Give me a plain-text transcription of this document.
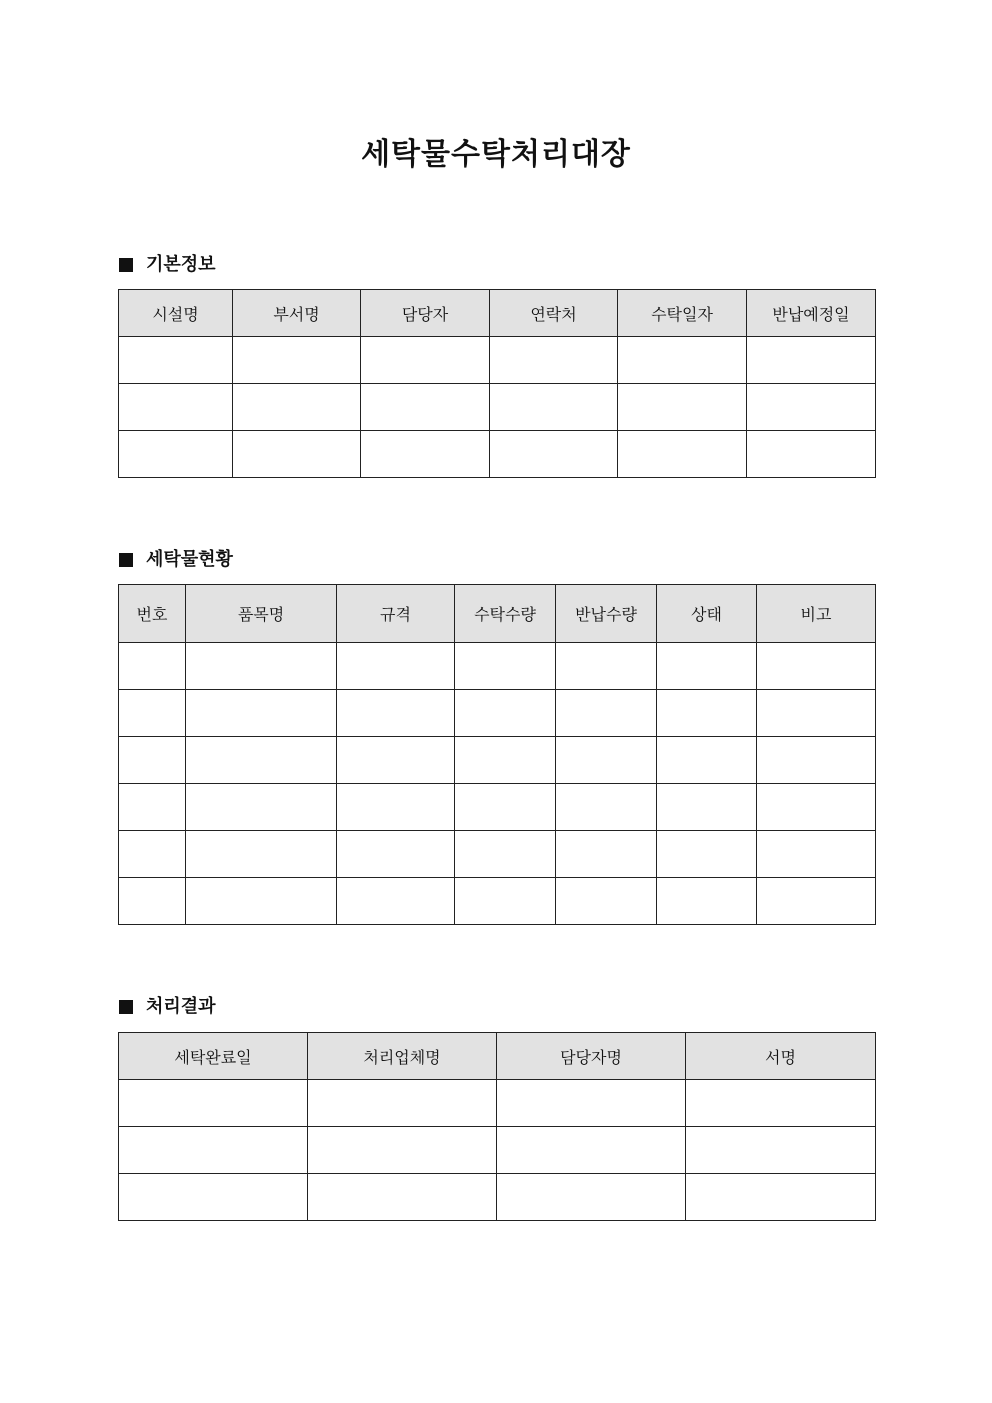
세탁물수탁처리대장
기본정보
시설명	부서명	담당자	연락처	수탁일자	반납예정일

세탁물현황
번호	품목명	규격	수탁수량	반납수량	상태	비고

처리결과
세탁완료일	처리업체명	담당자명	서명
